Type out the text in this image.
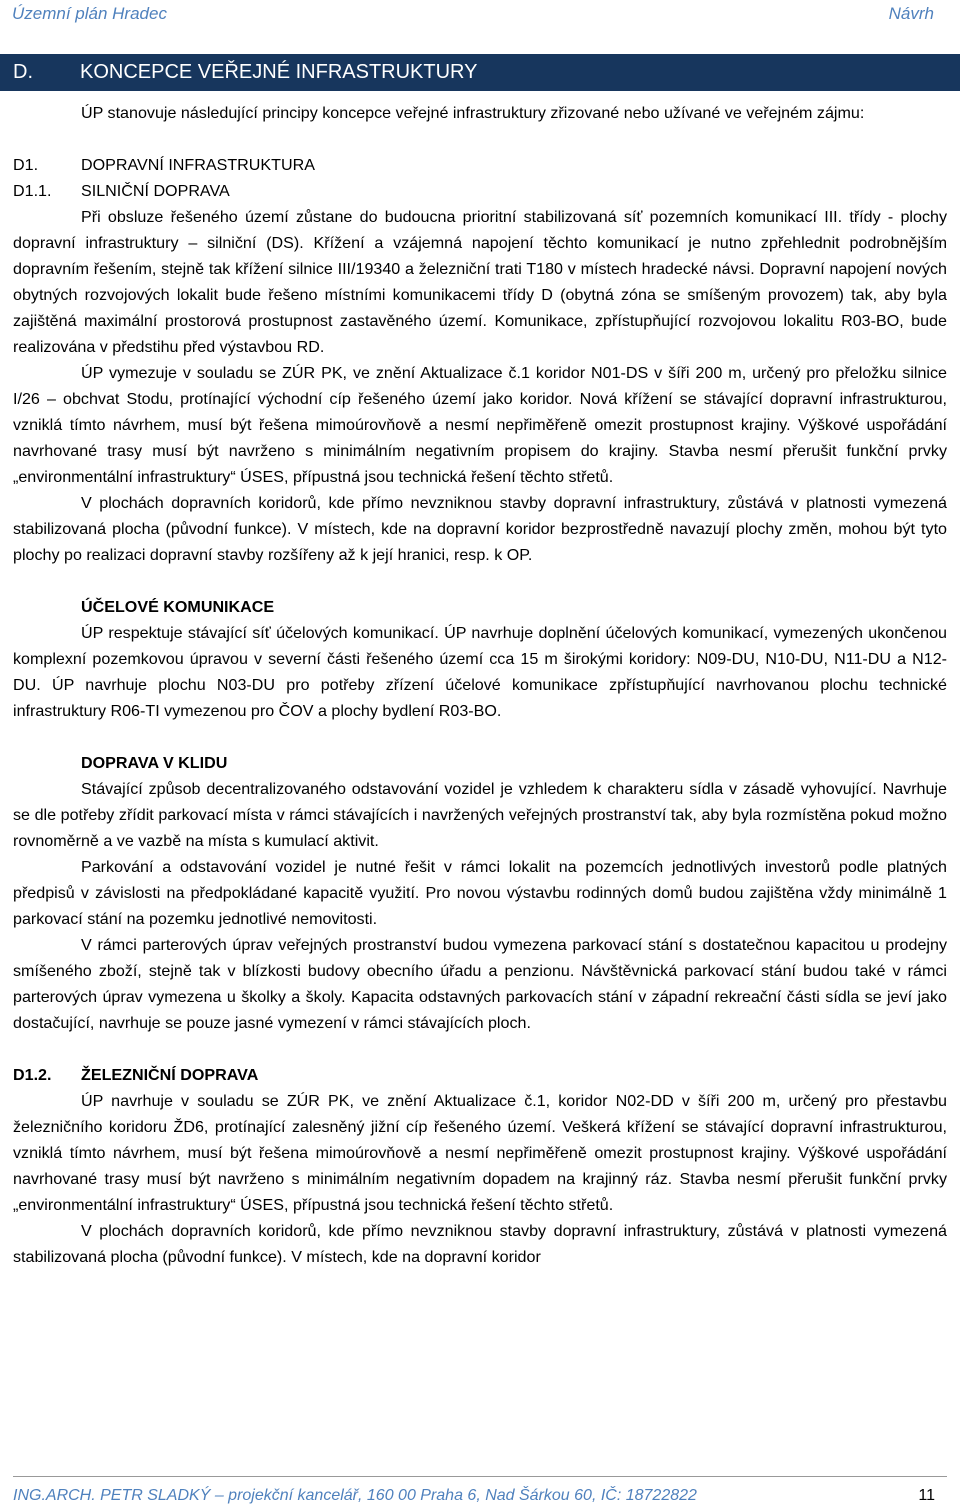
Územní plán Hradec	Návrh
D. KONCEPCE VEŘEJNÉ INFRASTRUKTURY

ÚP stanovuje následující principy koncepce veřejné infrastruktury zřizované nebo užívané ve veřejném zájmu:

D1.	DOPRAVNÍ INFRASTRUKTURA
D1.1. SILNIČNÍ DOPRAVA

Při obsluze řešeného území zůstane do budoucna prioritní stabilizovaná síť pozemních komunikací III. třídy - plochy dopravní infrastruktury – silniční (DS). Křížení a vzájemná napojení těchto komunikací je nutno zpřehlednit podrobnějším dopravním řešením, stejně tak křížení silnice III/19340 a železniční trati T180 v místech hradecké návsi. Dopravní napojení nových obytných rozvojových lokalit bude řešeno místními komunikacemi třídy D (obytná zóna se smíšeným provozem) tak, aby byla zajištěná maximální prostorová prostupnost zastavěného území. Komunikace, zpřístupňující rozvojovou lokalitu R03-BO, bude realizována v předstihu před výstavbou RD.

ÚP vymezuje v souladu se ZÚR PK, ve znění Aktualizace č.1 koridor N01-DS v šíři 200 m, určený pro přeložku silnice I/26 – obchvat Stodu, protínající východní cíp řešeného území jako koridor. Nová křížení se stávající dopravní infrastrukturou, vzniklá tímto návrhem, musí být řešena mimoúrovňově a nesmí nepřiměřeně omezit prostupnost krajiny. Výškové uspořádání navrhované trasy musí být navrženo s minimálním negativním propisem do krajiny. Stavba nesmí přerušit funkční prvky „environmentální infrastruktury“ ÚSES, přípustná jsou technická řešení těchto střetů.

V plochách dopravních koridorů, kde přímo nevzniknou stavby dopravní infrastruktury, zůstává v platnosti vymezená stabilizovaná plocha (původní funkce). V místech, kde na dopravní koridor bezprostředně navazují plochy změn, mohou být tyto plochy po realizaci dopravní stavby rozšířeny až k její hranici, resp. k OP.

ÚČELOVÉ KOMUNIKACE

ÚP respektuje stávající síť účelových komunikací. ÚP navrhuje doplnění účelových komunikací, vymezených ukončenou komplexní pozemkovou úpravou v severní části řešeného území cca 15 m širokými koridory: N09-DU, N10-DU, N11-DU a N12-DU. ÚP navrhuje plochu N03-DU pro potřeby zřízení účelové komunikace zpřístupňující navrhovanou plochu technické infrastruktury R06-TI vymezenou pro ČOV a plochy bydlení R03-BO.

DOPRAVA V KLIDU

Stávající způsob decentralizovaného odstavování vozidel je vzhledem k charakteru sídla v zásadě vyhovující. Navrhuje se dle potřeby zřídit parkovací místa v rámci stávajících i navržených veřejných prostranství tak, aby byla rozmístěna pokud možno rovnoměrně a ve vazbě na místa s kumulací aktivit.

Parkování a odstavování vozidel je nutné řešit v rámci lokalit na pozemcích jednotlivých investorů podle platných předpisů v závislosti na předpokládané kapacitě využití. Pro novou výstavbu rodinných domů budou zajištěna vždy minimálně 1 parkovací stání na pozemku jednotlivé nemovitosti.

V rámci parterových úprav veřejných prostranství budou vymezena parkovací stání s dostatečnou kapacitou u prodejny smíšeného zboží, stejně tak v blízkosti budovy obecního úřadu a penzionu. Návštěvnická parkovací stání budou také v rámci parterových úprav vymezena u školky a školy. Kapacita odstavných parkovacích stání v západní rekreační části sídla se jeví jako dostačující, navrhuje se pouze jasné vymezení v rámci stávajících ploch.

D1.2. ŽELEZNIČNÍ DOPRAVA

ÚP navrhuje v souladu se ZÚR PK, ve znění Aktualizace č.1, koridor N02-DD v šíři 200 m, určený pro přestavbu železničního koridoru ŽD6, protínající zalesněný jižní cíp řešeného území. Veškerá křížení se stávající dopravní infrastrukturou, vzniklá tímto návrhem, musí být řešena mimoúrovňově a nesmí nepřiměřeně omezit prostupnost krajiny. Výškové uspořádání navrhované trasy musí být navrženo s minimálním negativním dopadem na krajinný ráz. Stavba nesmí přerušit funkční prvky „environmentální infrastruktury“ ÚSES, přípustná jsou technická řešení těchto střetů.

V plochách dopravních koridorů, kde přímo nevzniknou stavby dopravní infrastruktury, zůstává v platnosti vymezená stabilizovaná plocha (původní funkce). V místech, kde na dopravní koridor

ING.ARCH. PETR SLADKÝ – projekční kancelář, 160 00 Praha 6, Nad Šárkou 60, IČ: 18722822	11
